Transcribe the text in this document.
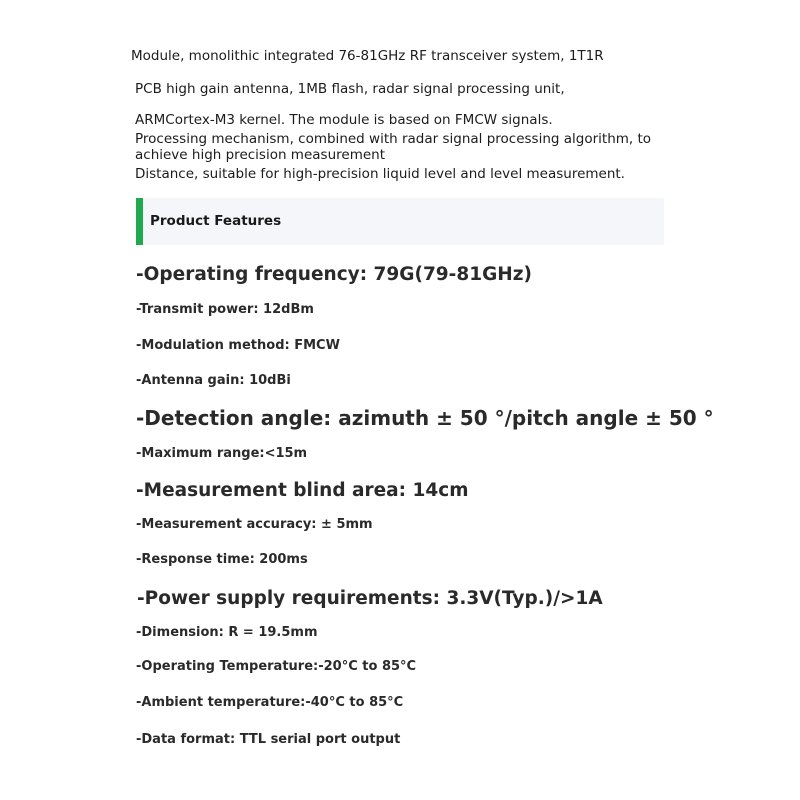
Module, monolithic integrated 76-81GHz RF transceiver system, 1T1R
PCB high gain antenna, 1MB flash, radar signal processing unit,
ARMCortex-M3 kernel. The module is based on FMCW signals.
Processing mechanism, combined with radar signal processing algorithm, to
achieve high precision measurement
Distance, suitable for high-precision liquid level and level measurement.
Product Features
-Operating frequency: 79G(79-81GHz)
-Transmit power: 12dBm
-Modulation method: FMCW
-Antenna gain: 10dBi
-Detection angle: azimuth ± 50 °/pitch angle ± 50 °
-Maximum range:<15m
-Measurement blind area: 14cm
-Measurement accuracy: ± 5mm
-Response time: 200ms
-Power supply requirements: 3.3V(Typ.)/>1A
-Dimension: R = 19.5mm
-Operating Temperature:-20°C to 85°C
-Ambient temperature:-40°C to 85°C
-Data format: TTL serial port output
